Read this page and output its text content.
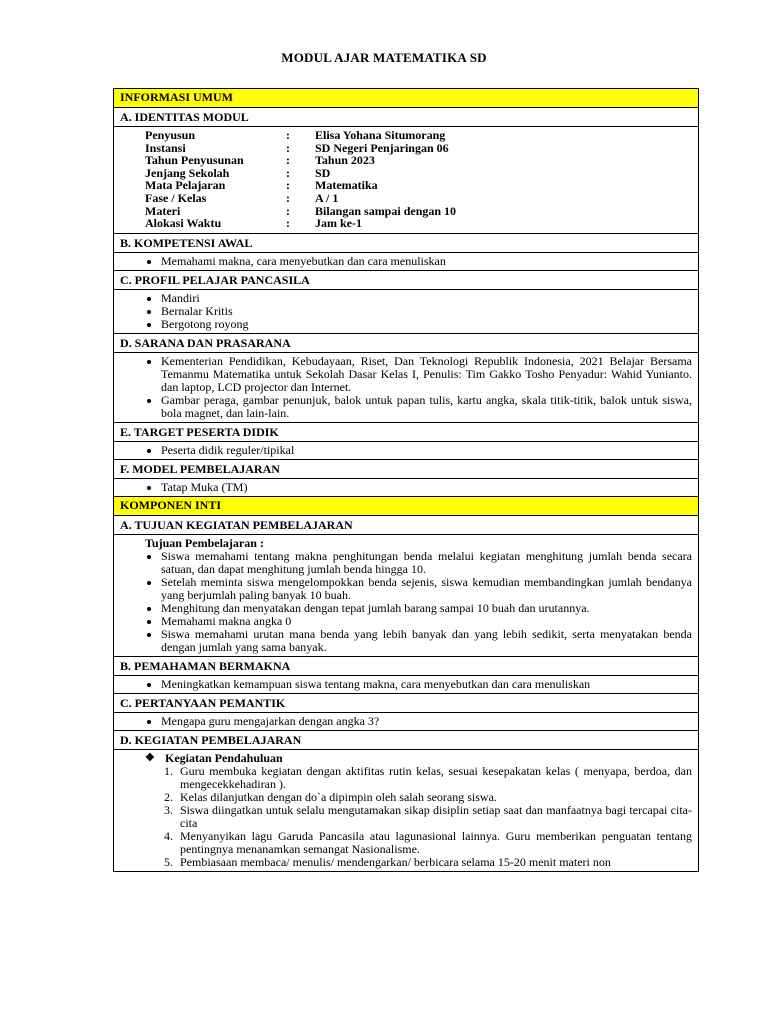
MODUL AJAR MATEMATIKA SD
INFORMASI UMUM
A. IDENTITAS MODUL
Penyusun	:	Elisa Yohana Situmorang
Instansi	:	SD Negeri Penjaringan 06
Tahun Penyusunan	:	Tahun 2023
Jenjang Sekolah	:	SD
Mata Pelajaran	:	Matematika
Fase / Kelas	:	A / 1
Materi	:	Bilangan sampai dengan 10
Alokasi Waktu	:	Jam ke-1
B. KOMPETENSI AWAL
Memahami makna, cara menyebutkan dan cara menuliskan
C. PROFIL PELAJAR PANCASILA
Mandiri
Bernalar Kritis
Bergotong royong
D. SARANA DAN PRASARANA
Kementerian Pendidikan, Kebudayaan, Riset, Dan Teknologi Republik Indonesia, 2021 Belajar Bersama Temanmu Matematika untuk Sekolah Dasar Kelas I, Penulis: Tim Gakko Tosho Penyadur: Wahid Yunianto. dan laptop, LCD projector dan Internet.
Gambar peraga, gambar penunjuk, balok untuk papan tulis, kartu angka, skala titik-titik, balok untuk siswa, bola magnet, dan lain-lain.
E. TARGET PESERTA DIDIK
Peserta didik reguler/tipikal
F. MODEL PEMBELAJARAN
Tatap Muka (TM)
KOMPONEN INTI
A. TUJUAN KEGIATAN PEMBELAJARAN
Tujuan Pembelajaran :
Siswa memahami tentang makna penghitungan benda melalui kegiatan menghitung jumlah benda secara satuan, dan dapat menghitung jumlah benda hingga 10.
Setelah meminta siswa mengelompokkan benda sejenis, siswa kemudian membandingkan jumlah bendanya yang berjumlah paling banyak 10 buah.
Menghitung dan menyatakan dengan tepat jumlah barang sampai 10 buah dan urutannya.
Memahami makna angka 0
Siswa memahami urutan mana benda yang lebih banyak dan yang lebih sedikit, serta menyatakan benda dengan jumlah yang sama banyak.
B. PEMAHAMAN BERMAKNA
Meningkatkan kemampuan siswa tentang makna, cara menyebutkan dan cara menuliskan
C. PERTANYAAN PEMANTIK
Mengapa guru mengajarkan dengan angka 3?
D. KEGIATAN PEMBELAJARAN
❖ Kegiatan Pendahuluan
1. Guru membuka kegiatan dengan aktifitas rutin kelas, sesuai kesepakatan kelas ( menyapa, berdoa, dan mengecekkehadiran ).
2. Kelas dilanjutkan dengan do`a dipimpin oleh salah seorang siswa.
3. Siswa diingatkan untuk selalu mengutamakan sikap disiplin setiap saat dan manfaatnya bagi tercapai cita-cita
4. Menyanyikan lagu Garuda Pancasila atau lagunasional lainnya. Guru memberikan penguatan tentang pentingnya menanamkan semangat Nasionalisme.
5. Pembiasaan membaca/ menulis/ mendengarkan/ berbicara selama 15-20 menit materi non
